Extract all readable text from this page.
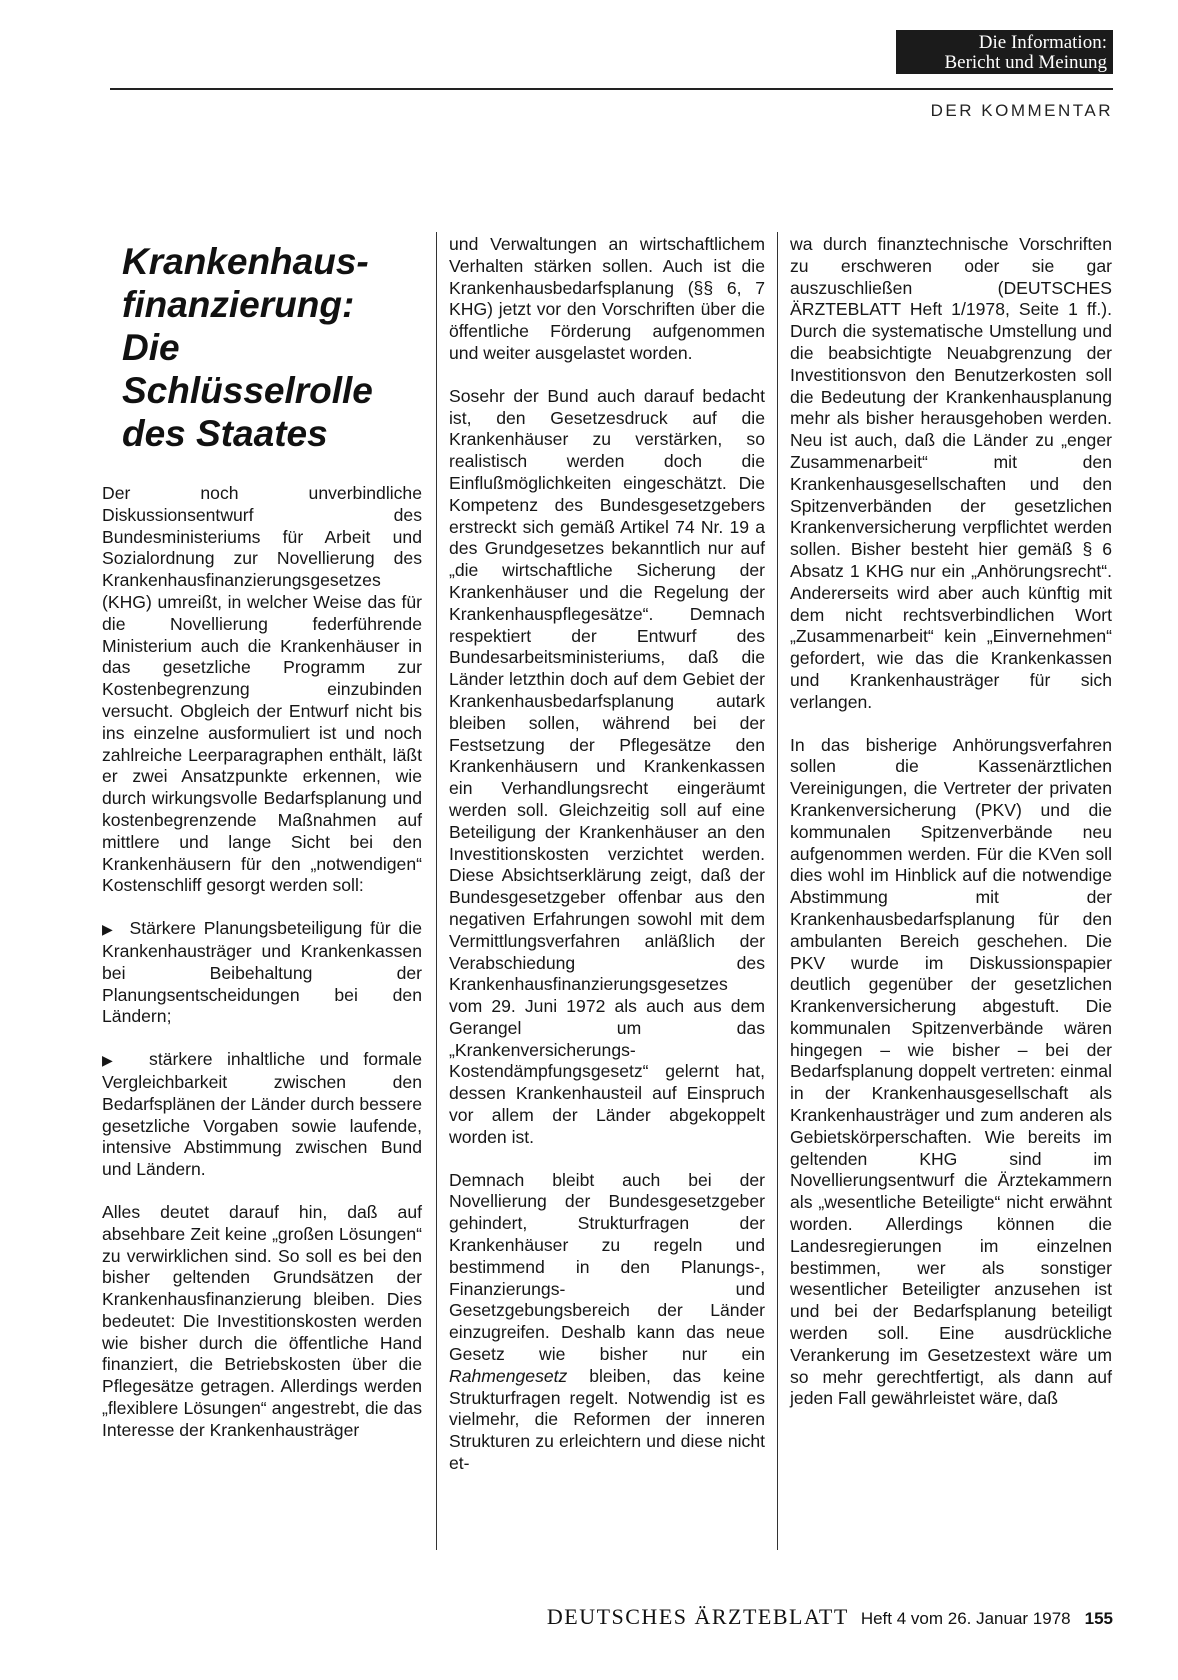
Die Information:
Bericht und Meinung
DER KOMMENTAR
Krankenhaus-
finanzierung:
Die
Schlüsselrolle
des Staates

Der noch unverbindliche Diskussionsentwurf des Bundesministeriums für Arbeit und Sozialordnung zur Novellierung des Krankenhausfinanzierungsgesetzes (KHG) umreißt, in welcher Weise das für die Novellierung federführende Ministerium auch die Krankenhäuser in das gesetzliche Programm zur Kostenbegrenzung einzubinden versucht. Obgleich der Entwurf nicht bis ins einzelne ausformuliert ist und noch zahlreiche Leerparagraphen enthält, läßt er zwei Ansatzpunkte erkennen, wie durch wirkungsvolle Bedarfsplanung und kostenbegrenzende Maßnahmen auf mittlere und lange Sicht bei den Krankenhäusern für den „notwendigen“ Kostenschliff gesorgt werden soll:

▶  Stärkere Planungsbeteiligung für die Krankenhausträger und Krankenkassen bei Beibehaltung der Planungsentscheidungen bei den Ländern;

▶  stärkere inhaltliche und formale Vergleichbarkeit zwischen den Bedarfsplänen der Länder durch bessere gesetzliche Vorgaben sowie laufende, intensive Abstimmung zwischen Bund und Ländern.

Alles deutet darauf hin, daß auf absehbare Zeit keine „großen Lösungen“ zu verwirklichen sind. So soll es bei den bisher geltenden Grundsätzen der Krankenhausfinanzierung bleiben. Dies bedeutet: Die Investitionskosten werden wie bisher durch die öffentliche Hand finanziert, die Betriebskosten über die Pflegesätze getragen. Allerdings werden „flexiblere Lösungen“ angestrebt, die das Interesse der Krankenhausträger

und Verwaltungen an wirtschaftlichem Verhalten stärken sollen. Auch ist die Krankenhausbedarfsplanung (§§ 6, 7 KHG) jetzt vor den Vorschriften über die öffentliche Förderung aufgenommen und weiter ausgelastet worden.

Sosehr der Bund auch darauf bedacht ist, den Gesetzesdruck auf die Krankenhäuser zu verstärken, so realistisch werden doch die Einflußmöglichkeiten eingeschätzt. Die Kompetenz des Bundesgesetzgebers erstreckt sich gemäß Artikel 74 Nr. 19 a des Grundgesetzes bekanntlich nur auf „die wirtschaftliche Sicherung der Krankenhäuser und die Regelung der Krankenhauspflegesätze“. Demnach respektiert der Entwurf des Bundesarbeitsministeriums, daß die Länder letzthin doch auf dem Gebiet der Krankenhausbedarfsplanung autark bleiben sollen, während bei der Festsetzung der Pflegesätze den Krankenhäusern und Krankenkassen ein Verhandlungsrecht eingeräumt werden soll. Gleichzeitig soll auf eine Beteiligung der Krankenhäuser an den Investitionskosten verzichtet werden. Diese Absichtserklärung zeigt, daß der Bundesgesetzgeber offenbar aus den negativen Erfahrungen sowohl mit dem Vermittlungsverfahren anläßlich der Verabschiedung des Krankenhausfinanzierungsgesetzes vom 29. Juni 1972 als auch aus dem Gerangel um das „Krankenversicherungs-Kostendämpfungsgesetz“ gelernt hat, dessen Krankenhausteil auf Einspruch vor allem der Länder abgekoppelt worden ist.

Demnach bleibt auch bei der Novellierung der Bundesgesetzgeber gehindert, Strukturfragen der Krankenhäuser zu regeln und bestimmend in den Planungs-, Finanzierungs- und Gesetzgebungsbereich der Länder einzugreifen. Deshalb kann das neue Gesetz wie bisher nur ein Rahmengesetz bleiben, das keine Strukturfragen regelt. Notwendig ist es vielmehr, die Reformen der inneren Strukturen zu erleichtern und diese nicht et-

wa durch finanztechnische Vorschriften zu erschweren oder sie gar auszuschließen (DEUTSCHES ÄRZTEBLATT Heft 1/1978, Seite 1 ff.). Durch die systematische Umstellung und die beabsichtigte Neuabgrenzung der Investitionsvon den Benutzerkosten soll die Bedeutung der Krankenhausplanung mehr als bisher herausgehoben werden. Neu ist auch, daß die Länder zu „enger Zusammenarbeit“ mit den Krankenhausgesellschaften und den Spitzenverbänden der gesetzlichen Krankenversicherung verpflichtet werden sollen. Bisher besteht hier gemäß § 6 Absatz 1 KHG nur ein „Anhörungsrecht“. Andererseits wird aber auch künftig mit dem nicht rechtsverbindlichen Wort „Zusammenarbeit“ kein „Einvernehmen“ gefordert, wie das die Krankenkassen und Krankenhausträger für sich verlangen.

In das bisherige Anhörungsverfahren sollen die Kassenärztlichen Vereinigungen, die Vertreter der privaten Krankenversicherung (PKV) und die kommunalen Spitzenverbände neu aufgenommen werden. Für die KVen soll dies wohl im Hinblick auf die notwendige Abstimmung mit der Krankenhausbedarfsplanung für den ambulanten Bereich geschehen. Die PKV wurde im Diskussionspapier deutlich gegenüber der gesetzlichen Krankenversicherung abgestuft. Die kommunalen Spitzenverbände wären hingegen – wie bisher – bei der Bedarfsplanung doppelt vertreten: einmal in der Krankenhausgesellschaft als Krankenhausträger und zum anderen als Gebietskörperschaften. Wie bereits im geltenden KHG sind im Novellierungsentwurf die Ärztekammern als „wesentliche Beteiligte“ nicht erwähnt worden. Allerdings können die Landesregierungen im einzelnen bestimmen, wer als sonstiger wesentlicher Beteiligter anzusehen ist und bei der Bedarfsplanung beteiligt werden soll. Eine ausdrückliche Verankerung im Gesetzestext wäre um so mehr gerechtfertigt, als dann auf jeden Fall gewährleistet wäre, daß

DEUTSCHES ÄRZTEBLATT Heft 4 vom 26. Januar 1978 155
